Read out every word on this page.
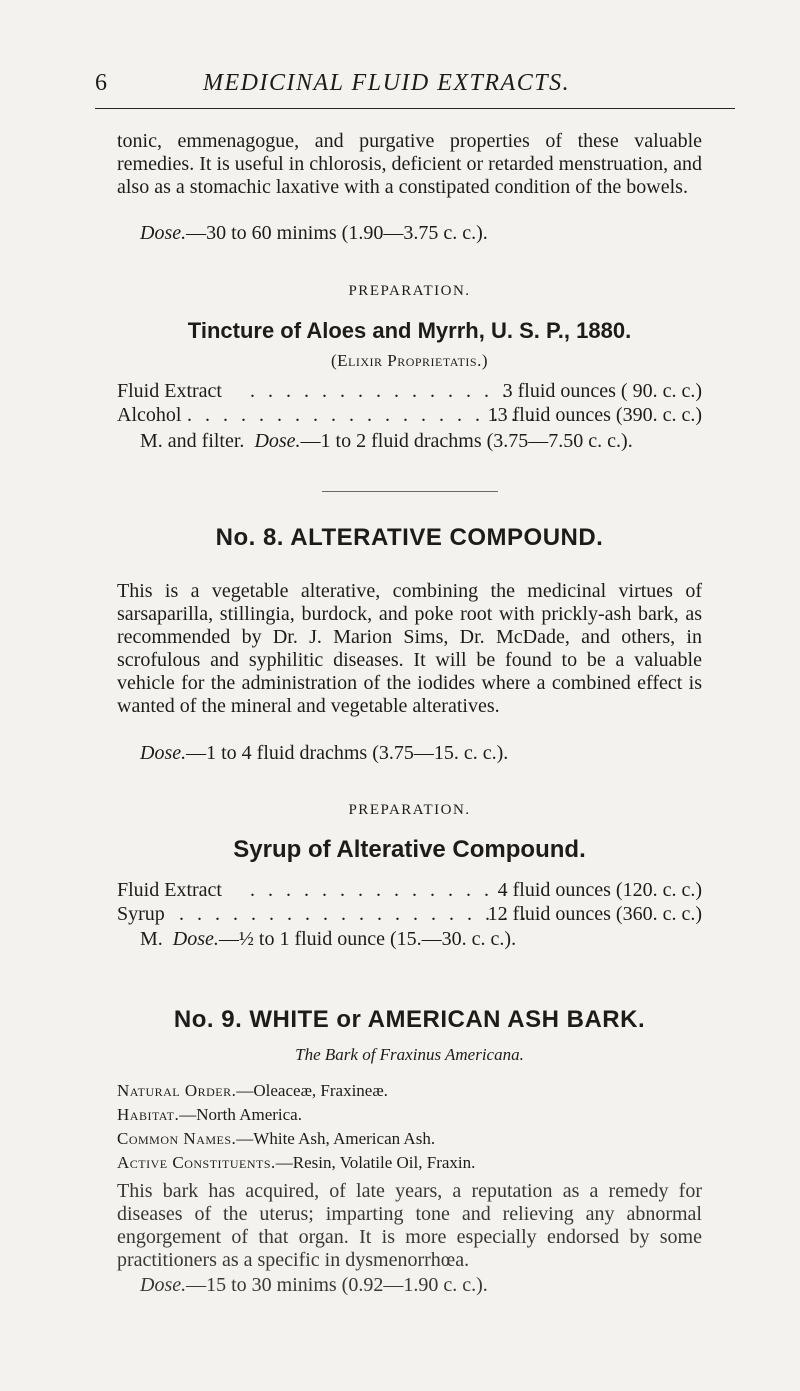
6	MEDICINAL FLUID EXTRACTS.
tonic, emmenagogue, and purgative properties of these valuable remedies. It is useful in chlorosis, deficient or retarded menstruation, and also as a stomachic laxative with a constipated condition of the bowels.
Dose.—30 to 60 minims (1.90—3.75 c. c.).
PREPARATION.
Tincture of Aloes and Myrrh, U. S. P., 1880.
(Elixir Proprietatis.)
Fluid Extract . . . . . . . . . . . . . . .
3 fluid ounces ( 90. c. c.)
Alcohol . . . . . . . . . . . . . . . . . . . .
13 fluid ounces (390. c. c.)
M. and filter. Dose.—1 to 2 fluid drachms (3.75—7.50 c. c.).
No. 8. ALTERATIVE COMPOUND.
This is a vegetable alterative, combining the medicinal virtues of sarsaparilla, stillingia, burdock, and poke root with prickly-ash bark, as recommended by Dr. J. Marion Sims, Dr. McDade, and others, in scrofulous and syphilitic diseases. It will be found to be a valuable vehicle for the administration of the iodides where a combined effect is wanted of the mineral and vegetable alteratives.
Dose.—1 to 4 fluid drachms (3.75—15. c. c.).
PREPARATION.
Syrup of Alterative Compound.
Fluid Extract . . . . . . . . . . . . . . .
4 fluid ounces (120. c. c.)
Syrup . . . . . . . . . . . . . . . . . . . .
12 fluid ounces (360. c. c.)
M. Dose.—½ to 1 fluid ounce (15.—30. c. c.).
No. 9. WHITE or AMERICAN ASH BARK.
The Bark of Fraxinus Americana.
Natural Order.—Oleaceæ, Fraxineæ.
Habitat.—North America.
Common Names.—White Ash, American Ash.
Active Constituents.—Resin, Volatile Oil, Fraxin.
This bark has acquired, of late years, a reputation as a remedy for diseases of the uterus; imparting tone and relieving any abnormal engorgement of that organ. It is more especially endorsed by some practitioners as a specific in dysmenorrhœa.
Dose.—15 to 30 minims (0.92—1.90 c. c.).
